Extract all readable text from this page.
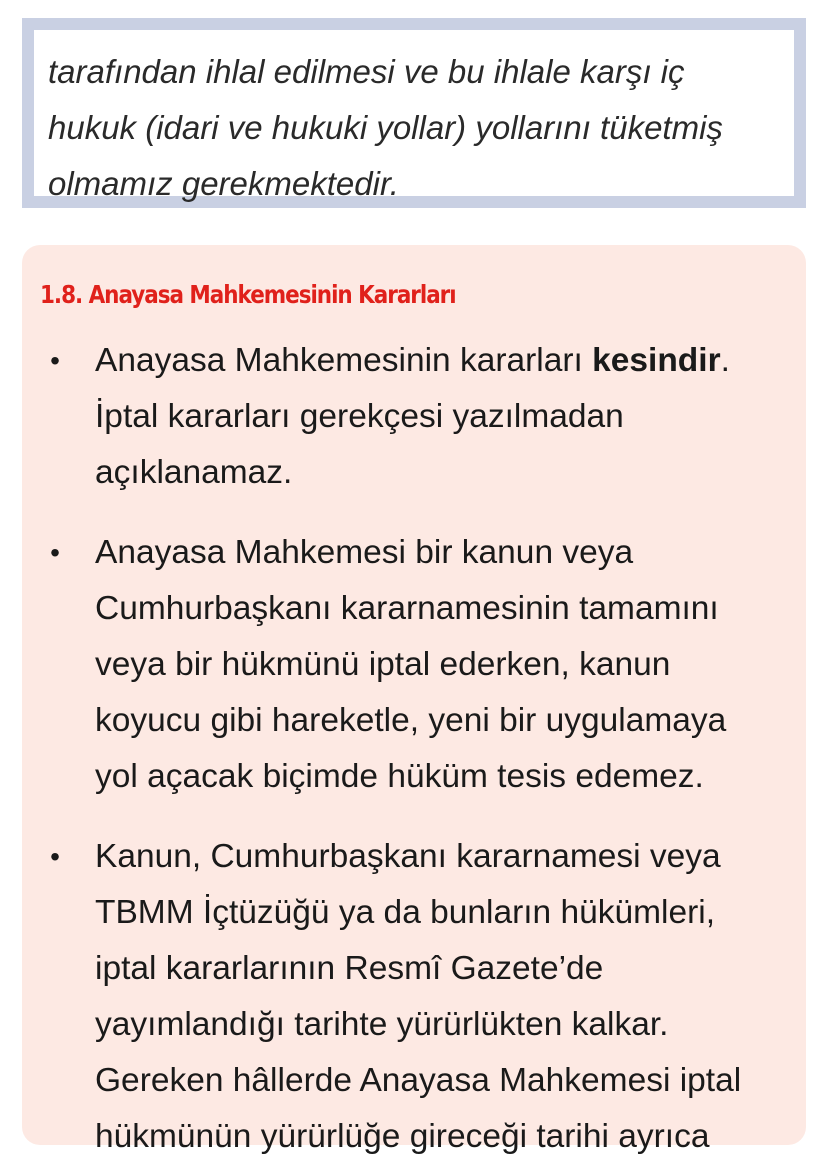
tarafından ihlal edilmesi ve bu ihlale karşı iç
hukuk (idari ve hukuki yollar) yollarını tüketmiş
olmamız gerekmektedir.
1.8. Anayasa Mahkemesinin Kararları
•	Anayasa Mahkemesinin kararları kesindir.
İptal kararları gerekçesi yazılmadan
açıklanamaz.
•	Anayasa Mahkemesi bir kanun veya
Cumhurbaşkanı kararnamesinin tamamını
veya bir hükmünü iptal ederken, kanun
koyucu gibi hareketle, yeni bir uygulamaya
yol açacak biçimde hüküm tesis edemez.
•	Kanun, Cumhurbaşkanı kararnamesi veya
TBMM İçtüzüğü ya da bunların hükümleri,
iptal kararlarının Resmî Gazete’de
yayımlandığı tarihte yürürlükten kalkar.
Gereken hâllerde Anayasa Mahkemesi iptal
hükmünün yürürlüğe gireceği tarihi ayrıca
